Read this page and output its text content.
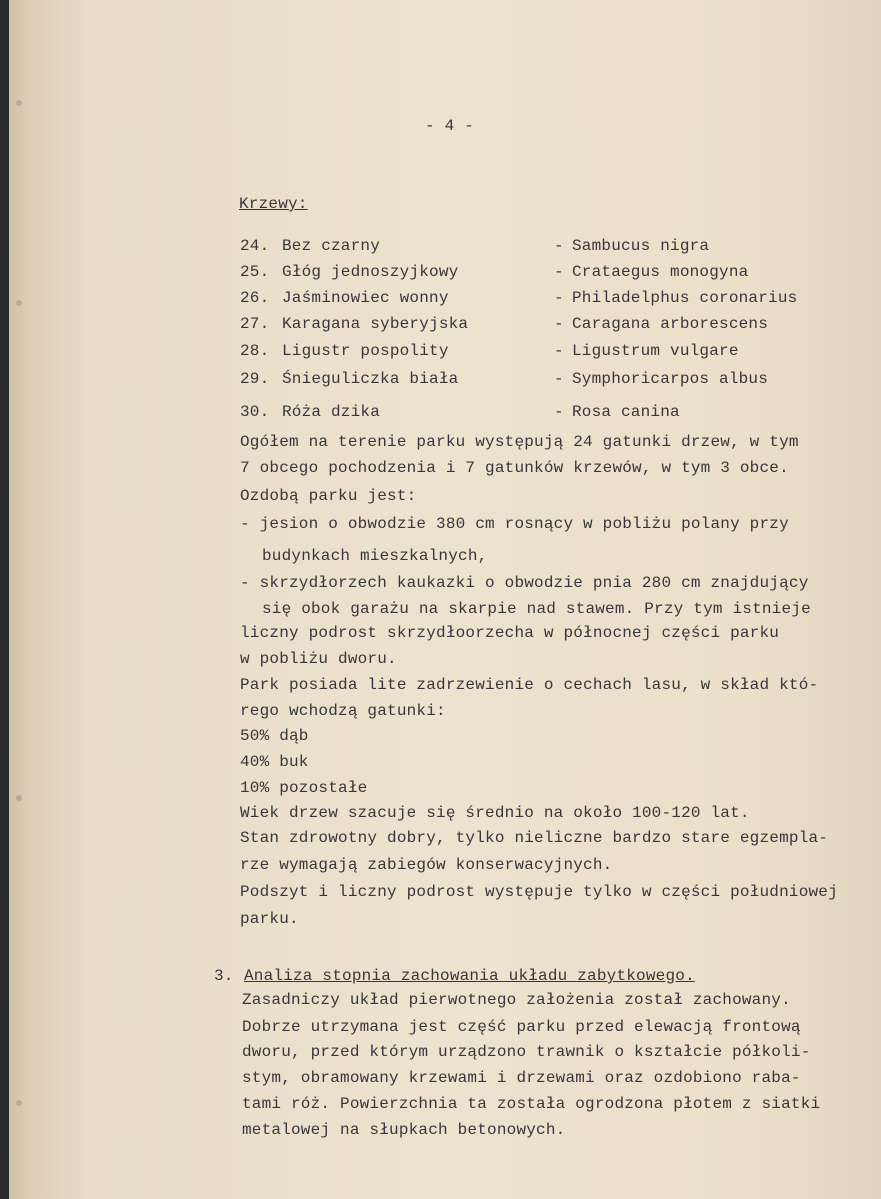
- 4 -
Krzewy:
24. Bez czarny	- Sambucus nigra
25. Głóg jednoszyjkowy	- Crataegus monogyna
26. Jaśminowiec wonny	- Philadelphus coronarius
27. Karagana syberyjska	- Caragana arborescens
28. Ligustr pospolity	- Ligustrum vulgare
29. Śnieguliczka biała	- Symphoricarpos albus
30. Róża dzika	- Rosa canina
Ogółem na terenie parku występują 24 gatunki drzew, w tym
7 obcego pochodzenia i 7 gatunków krzewów, w tym 3 obce.
Ozdobą parku jest:
- jesion o obwodzie 380 cm rosnący w pobliżu polany przy
budynkach mieszkalnych,
- skrzydłorzech kaukazki o obwodzie pnia 280 cm znajdujący
się obok garażu na skarpie nad stawem. Przy tym istnieje
liczny podrost skrzydłoorzecha w północnej części parku
w pobliżu dworu.
Park posiada lite zadrzewienie o cechach lasu, w skład któ-
rego wchodzą gatunki:
50% dąb
40% buk
10% pozostałe
Wiek drzew szacuje się średnio na około 100-120 lat.
Stan zdrowotny dobry, tylko nieliczne bardzo stare egzempla-
rze wymagają zabiegów konserwacyjnych.
Podszyt i liczny podrost występuje tylko w części południowej
parku.
3. Analiza stopnia zachowania układu zabytkowego.
Zasadniczy układ pierwotnego założenia został zachowany.
Dobrze utrzymana jest część parku przed elewacją frontową
dworu, przed którym urządzono trawnik o kształcie półkoli-
stym, obramowany krzewami i drzewami oraz ozdobiono raba-
tami róż. Powierzchnia ta została ogrodzona płotem z siatki
metalowej na słupkach betonowych.
